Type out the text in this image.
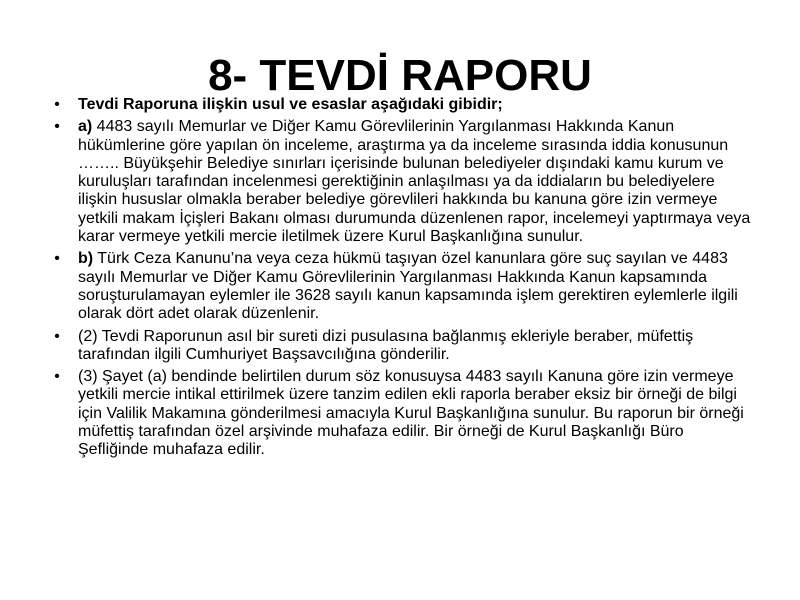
8- TEVDİ RAPORU
• Tevdi Raporuna ilişkin usul ve esaslar aşağıdaki gibidir;
• a) 4483 sayılı Memurlar ve Diğer Kamu Görevlilerinin Yargılanması Hakkında Kanun hükümlerine göre yapılan ön inceleme, araştırma ya da inceleme sırasında iddia konusunun …….. Büyükşehir Belediye sınırları içerisinde bulunan belediyeler dışındaki kamu kurum ve kuruluşları tarafından incelenmesi gerektiğinin anlaşılması ya da iddiaların bu belediyelere ilişkin hususlar olmakla beraber belediye görevlileri hakkında bu kanuna göre izin vermeye yetkili makam İçişleri Bakanı olması durumunda düzenlenen rapor, incelemeyi yaptırmaya veya karar vermeye yetkili mercie iletilmek üzere Kurul Başkanlığına sunulur.
• b) Türk Ceza Kanunu’na veya ceza hükmü taşıyan özel kanunlara göre suç sayılan ve 4483 sayılı Memurlar ve Diğer Kamu Görevlilerinin Yargılanması Hakkında Kanun kapsamında soruşturulamayan eylemler ile 3628 sayılı kanun kapsamında işlem gerektiren eylemlerle ilgili olarak dört adet olarak düzenlenir.
• (2) Tevdi Raporunun asıl bir sureti dizi pusulasına bağlanmış ekleriyle beraber, müfettiş tarafından ilgili Cumhuriyet Başsavcılığına gönderilir.
• (3) Şayet (a) bendinde belirtilen durum söz konusuysa 4483 sayılı Kanuna göre izin vermeye yetkili mercie intikal ettirilmek üzere tanzim edilen ekli raporla beraber eksiz bir örneği de bilgi için Valilik Makamına gönderilmesi amacıyla Kurul Başkanlığına sunulur. Bu raporun bir örneği müfettiş tarafından özel arşivinde muhafaza edilir. Bir örneği de Kurul Başkanlığı Büro Şefliğinde muhafaza edilir.
